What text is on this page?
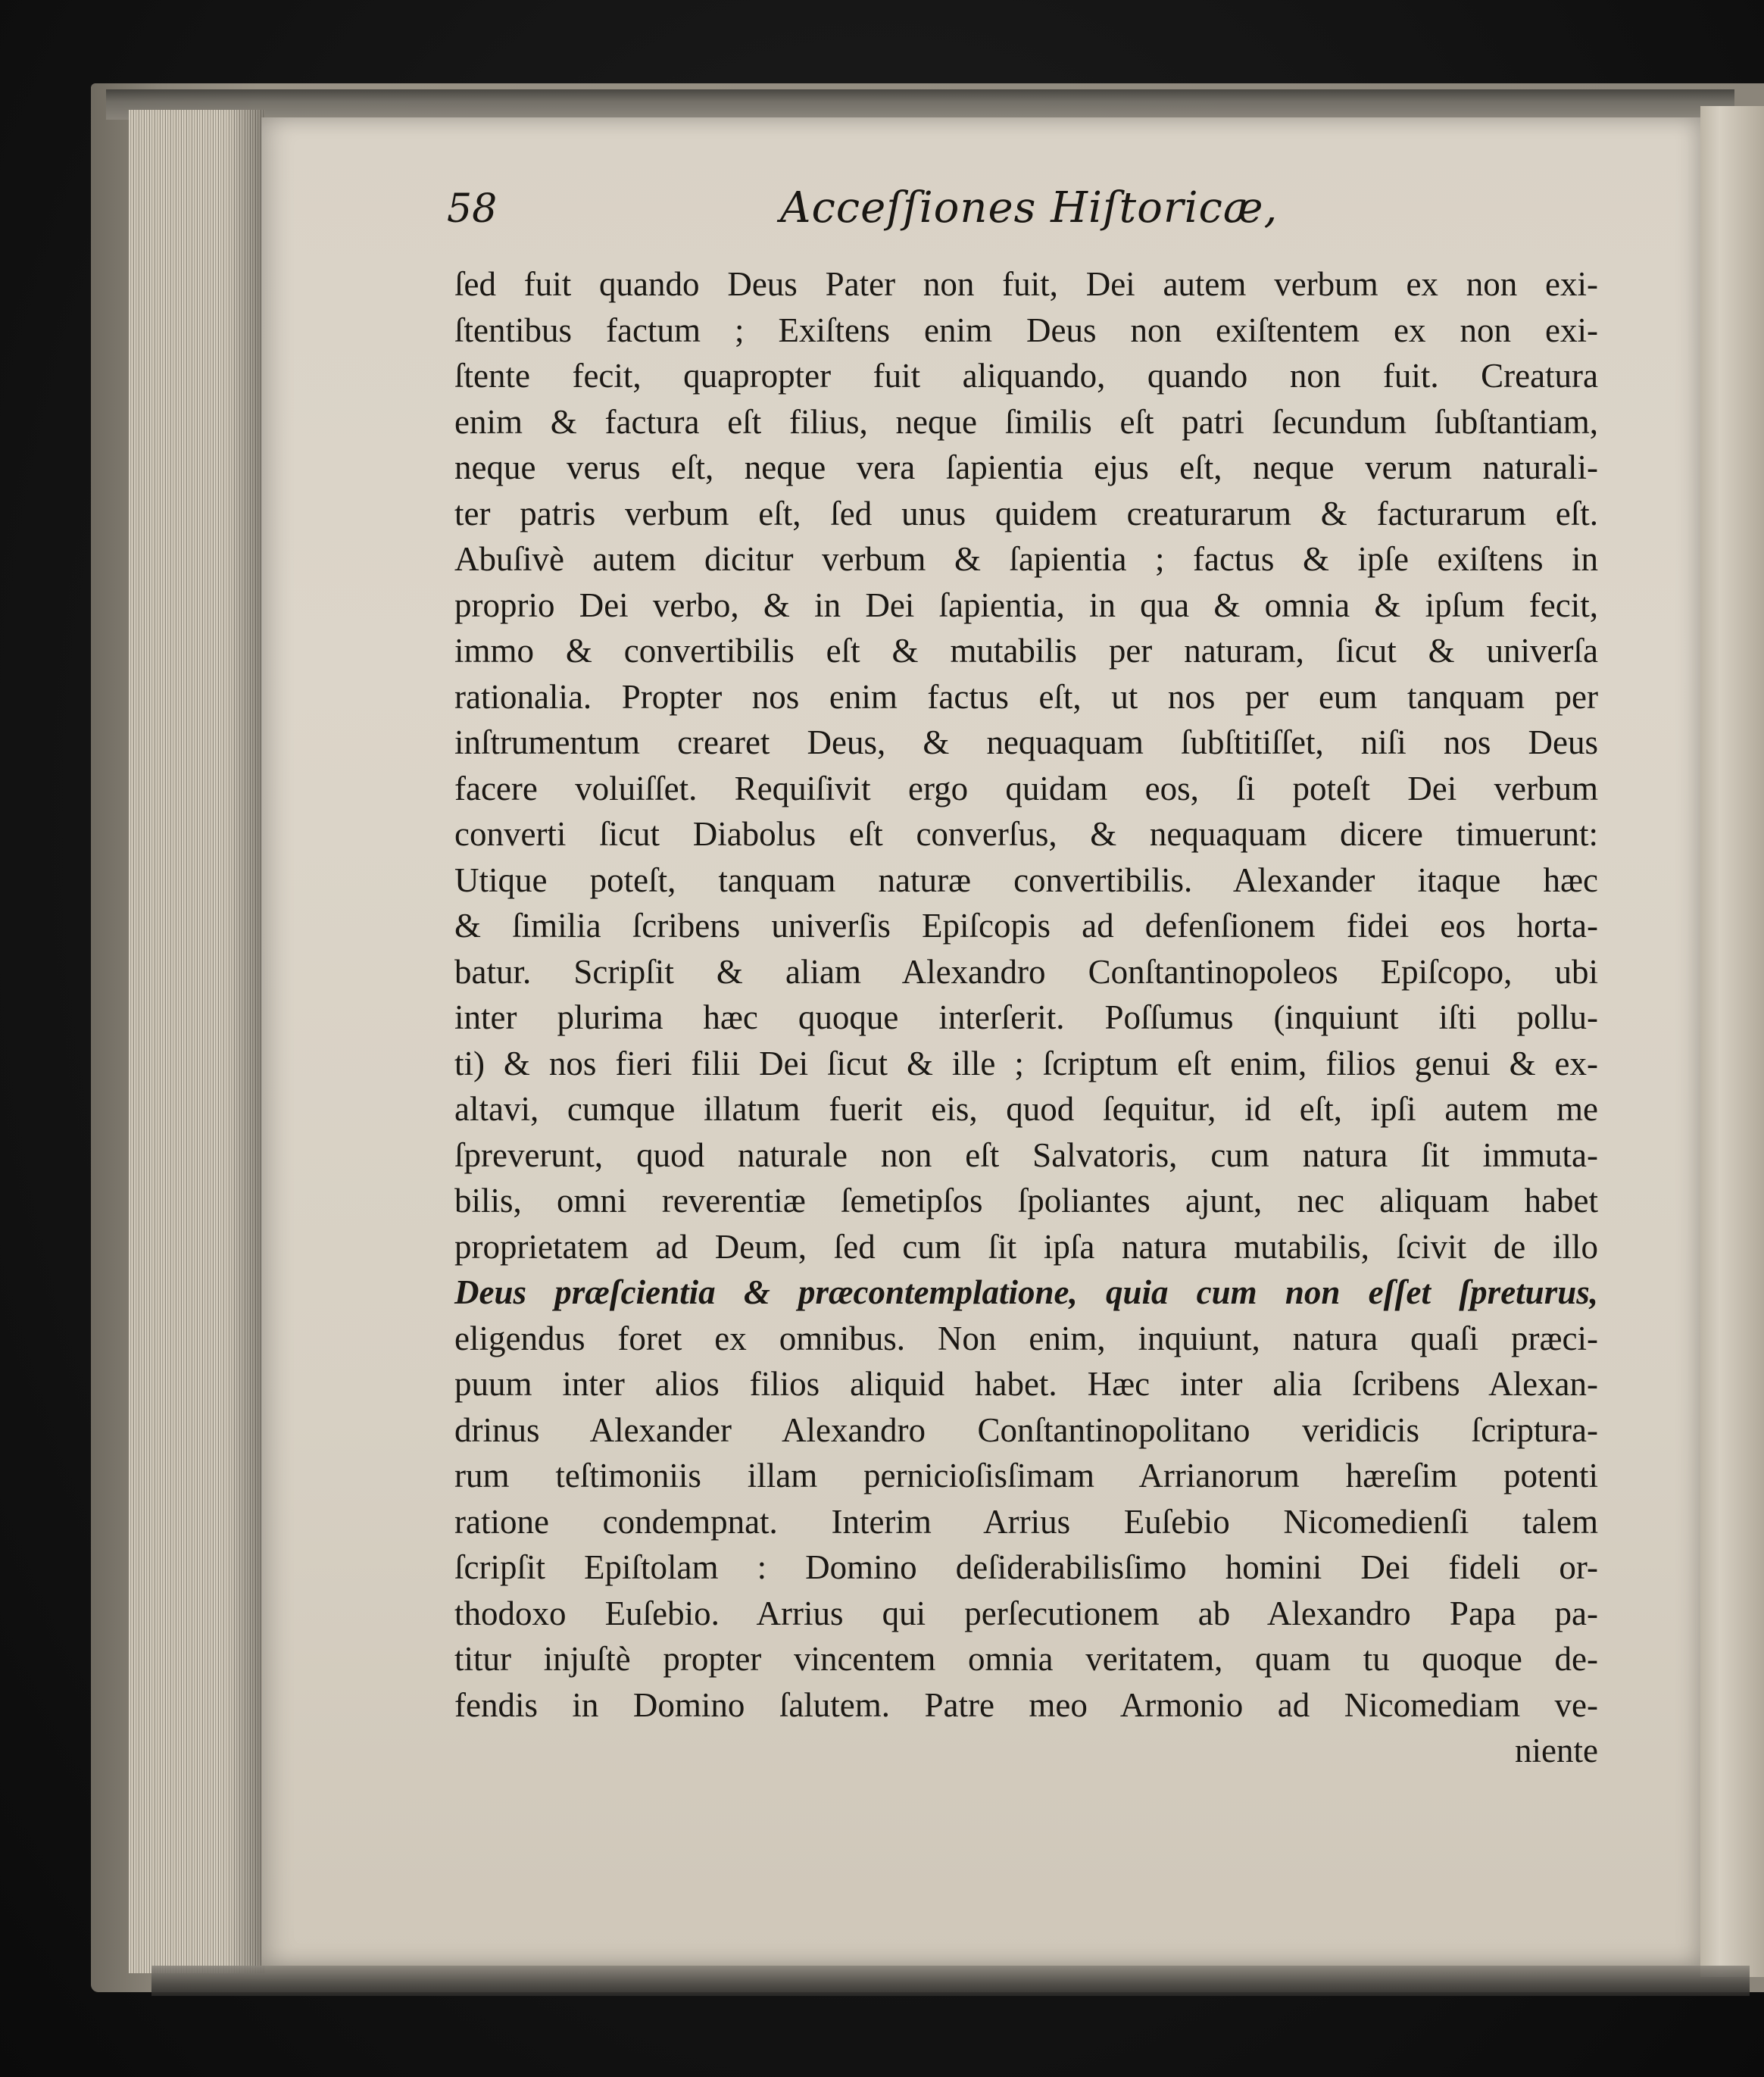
58	Acceſſiones Hiſtoricæ,
ſed fuit quando Deus Pater non fuit, Dei autem verbum ex non exi-
ſtentibus factum ; Exiſtens enim Deus non exiſtentem ex non exi-
ſtente fecit, quapropter fuit aliquando, quando non fuit. Creatura
enim & factura eſt filius, neque ſimilis eſt patri ſecundum ſubſtantiam,
neque verus eſt, neque vera ſapientia ejus eſt, neque verum naturali-
ter patris verbum eſt, ſed unus quidem creaturarum & facturarum eſt.
Abuſivè autem dicitur verbum & ſapientia ; factus & ipſe exiſtens in
proprio Dei verbo, & in Dei ſapientia, in qua & omnia & ipſum fecit,
immo & convertibilis eſt & mutabilis per naturam, ſicut & univerſa
rationalia. Propter nos enim factus eſt, ut nos per eum tanquam per
inſtrumentum crearet Deus, & nequaquam ſubſtitiſſet, niſi nos Deus
facere voluiſſet. Requiſivit ergo quidam eos, ſi poteſt Dei verbum
converti ſicut Diabolus eſt converſus, & nequaquam dicere timuerunt:
Utique poteſt, tanquam naturæ convertibilis. Alexander itaque hæc
& ſimilia ſcribens univerſis Epiſcopis ad defenſionem fidei eos horta-
batur. Scripſit & aliam Alexandro Conſtantinopoleos Epiſcopo, ubi
inter plurima hæc quoque interſerit. Poſſumus (inquiunt iſti pollu-
ti) & nos fieri filii Dei ſicut & ille ; ſcriptum eſt enim, filios genui & ex-
altavi, cumque illatum fuerit eis, quod ſequitur, id eſt, ipſi autem me
ſpreverunt, quod naturale non eſt Salvatoris, cum natura ſit immuta-
bilis, omni reverentiæ ſemetipſos ſpoliantes ajunt, nec aliquam habet
proprietatem ad Deum, ſed cum ſit ipſa natura mutabilis, ſcivit de illo
Deus præſcientia & præcontemplatione, quia cum non eſſet ſpreturus,
eligendus foret ex omnibus. Non enim, inquiunt, natura quaſi præci-
puum inter alios filios aliquid habet. Hæc inter alia ſcribens Alexan-
drinus Alexander Alexandro Conſtantinopolitano veridicis ſcriptura-
rum teſtimoniis illam pernicioſisſimam Arrianorum hæreſim potenti
ratione condempnat. Interim Arrius Euſebio Nicomedienſi talem
ſcripſit Epiſtolam : Domino deſiderabilisſimo homini Dei fideli or-
thodoxo Euſebio. Arrius qui perſecutionem ab Alexandro Papa pa-
titur injuſtè propter vincentem omnia veritatem, quam tu quoque de-
fendis in Domino ſalutem. Patre meo Armonio ad Nicomediam ve-
niente
